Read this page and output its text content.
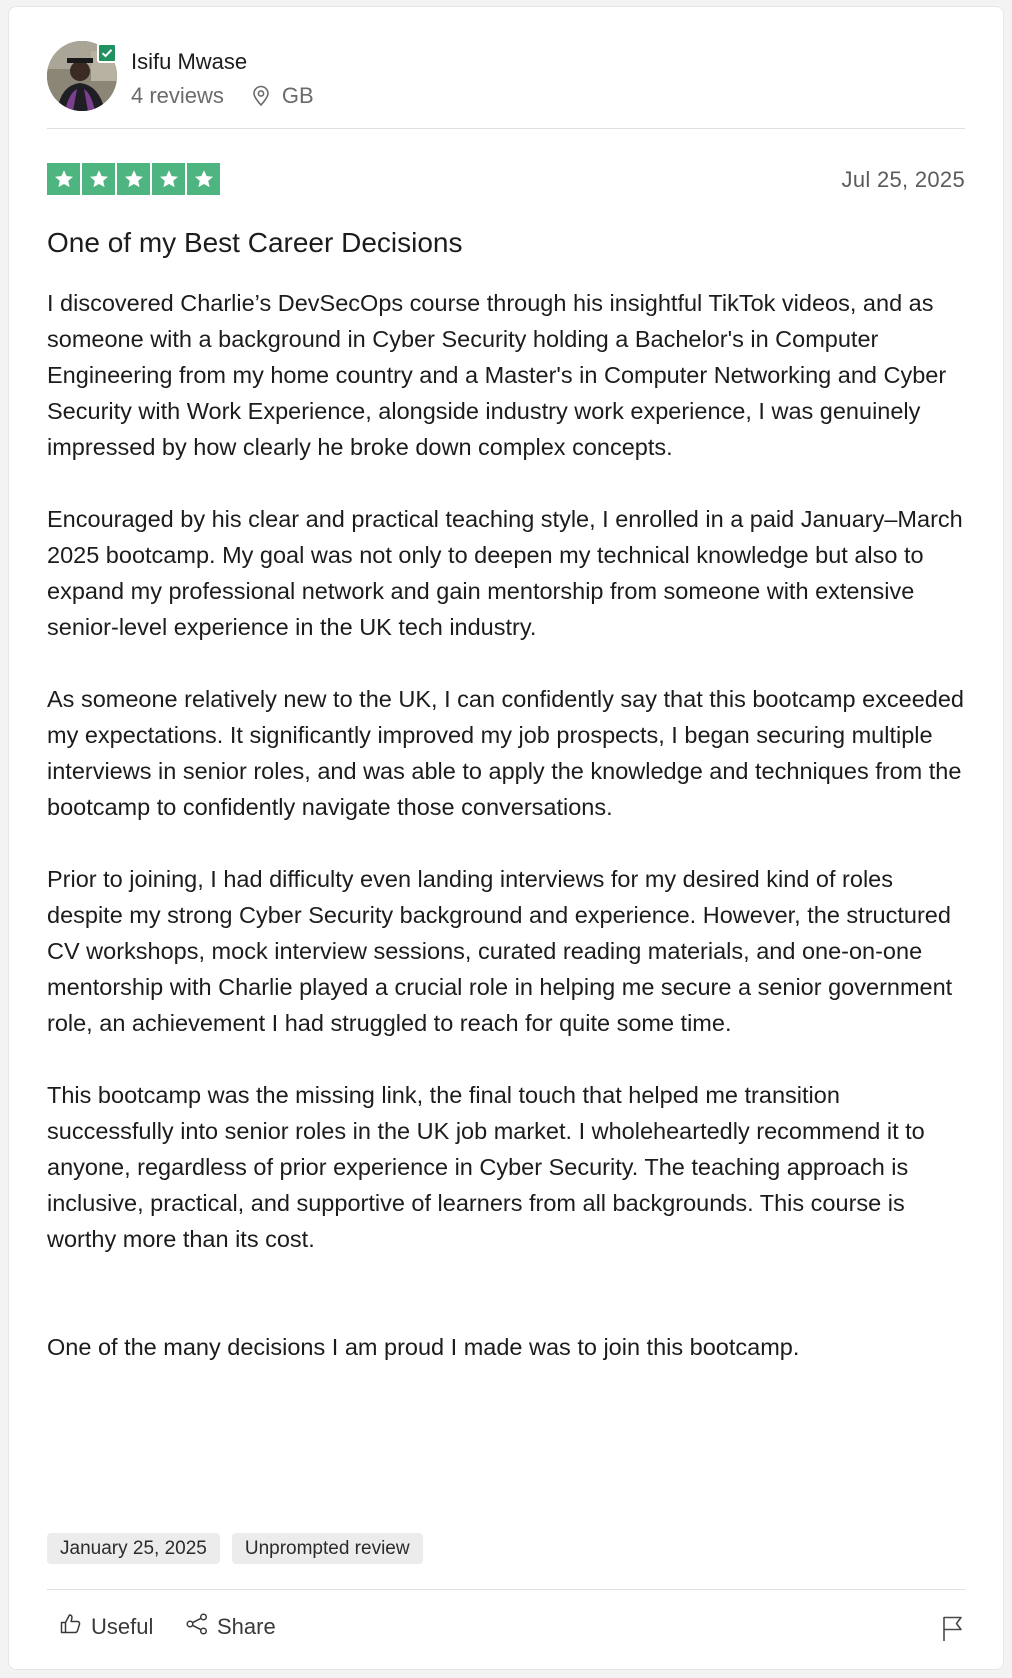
Isifu Mwase
4 reviews	GB
Jul 25, 2025
One of my Best Career Decisions

I discovered Charlie’s DevSecOps course through his insightful TikTok videos, and as someone with a background in Cyber Security holding a Bachelor's in Computer Engineering from my home country and a Master's in Computer Networking and Cyber Security with Work Experience, alongside industry work experience, I was genuinely impressed by how clearly he broke down complex concepts.

Encouraged by his clear and practical teaching style, I enrolled in a paid January–March 2025 bootcamp. My goal was not only to deepen my technical knowledge but also to expand my professional network and gain mentorship from someone with extensive senior-level experience in the UK tech industry.

As someone relatively new to the UK, I can confidently say that this bootcamp exceeded my expectations. It significantly improved my job prospects, I began securing multiple interviews in senior roles, and was able to apply the knowledge and techniques from the bootcamp to confidently navigate those conversations.

Prior to joining, I had difficulty even landing interviews for my desired kind of roles despite my strong Cyber Security background and experience. However, the structured CV workshops, mock interview sessions, curated reading materials, and one-on-one mentorship with Charlie played a crucial role in helping me secure a senior government role, an achievement I had struggled to reach for quite some time.

This bootcamp was the missing link, the final touch that helped me transition successfully into senior roles in the UK job market. I wholeheartedly recommend it to anyone, regardless of prior experience in Cyber Security. The teaching approach is inclusive, practical, and supportive of learners from all backgrounds. This course is worthy more than its cost.

One of the many decisions I am proud I made was to join this bootcamp.

January 25, 2025	Unprompted review
Useful	Share
